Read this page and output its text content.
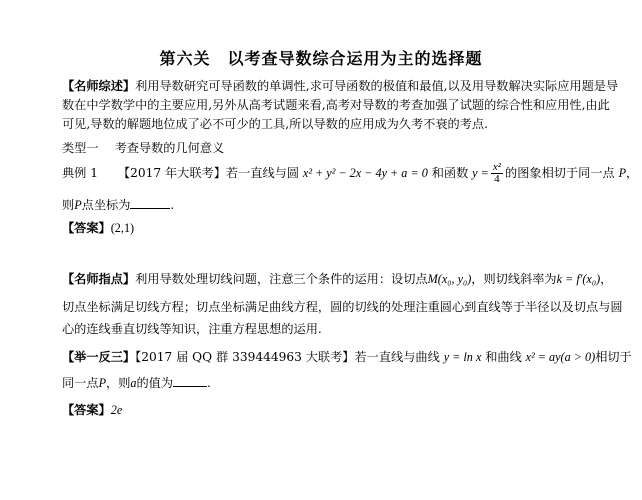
第六关　以考查导数综合运用为主的选择题
【名师综述】利用导数研究可导函数的单调性,求可导函数的极值和最值,以及用导数解决实际应用题是导
数在中学数学中的主要应用,另外从高考试题来看,高考对导数的考查加强了试题的综合性和应用性,由此
可见,导数的解题地位成了必不可少的工具,所以导数的应用成为久考不衰的考点.
类型一 考查导数的几何意义
典例 1 【2017 年大联考】若一直线与圆 x² + y² − 2x − 4y + a = 0 和函数 $y = \frac{\text{x²}}{4}$ 的图象相切于同一点 P，
则P点坐标为	.
【答案】(2,1)
【名师指点】利用导数处理切线问题，注意三个条件的运用：设切点M(x₀, y₀)，则切线斜率为k = f′(x₀)，
切点坐标满足切线方程；切点坐标满足曲线方程，圆的切线的处理注重圆心到直线等于半径以及切点与圆
心的连线垂直切线等知识，注重方程思想的运用.
【举一反三】【2017 届 QQ 群 339444963 大联考】若一直线与曲线 y = ln x 和曲线 x² = ay(a > 0)相切于
同一点P，则a的值为	.
【答案】2e
